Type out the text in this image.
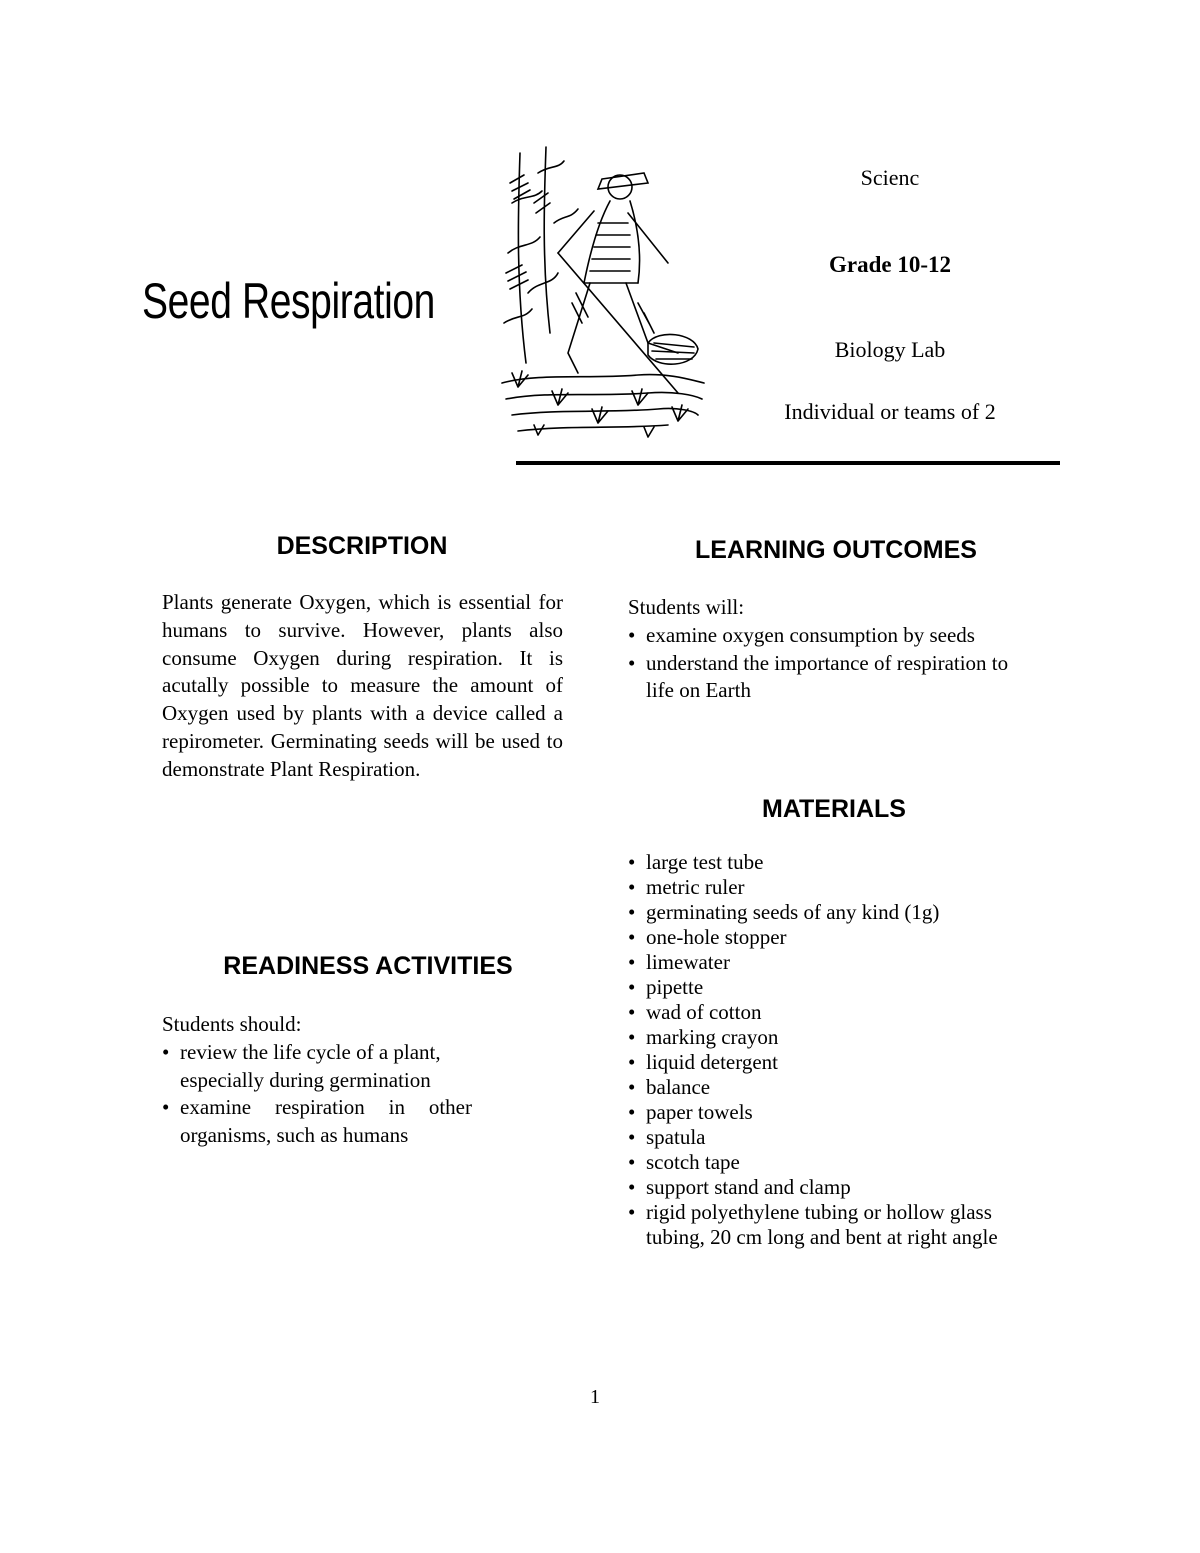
Seed Respiration
Scienc
Grade 10-12
Biology Lab
Individual or teams of 2
DESCRIPTION
Plants generate Oxygen, which is essential for humans to survive. However, plants also consume Oxygen during respiration. It is acutally possible to measure the amount of Oxygen used by plants with a device called a repirometer. Germinating seeds will be used to demonstrate Plant Respiration.
READINESS ACTIVITIES
Students should:
• review the life cycle of a plant, especially during germination
• examine respiration in other organisms, such as humans
LEARNING OUTCOMES
Students will:
• examine oxygen consumption by seeds
• understand the importance of respiration to life on Earth
MATERIALS
• large test tube
• metric ruler
• germinating seeds of any kind (1g)
• one-hole stopper
• limewater
• pipette
• wad of cotton
• marking crayon
• liquid detergent
• balance
• paper towels
• spatula
• scotch tape
• support stand and clamp
• rigid polyethylene tubing or hollow glass tubing, 20 cm long and bent at right angle
1
